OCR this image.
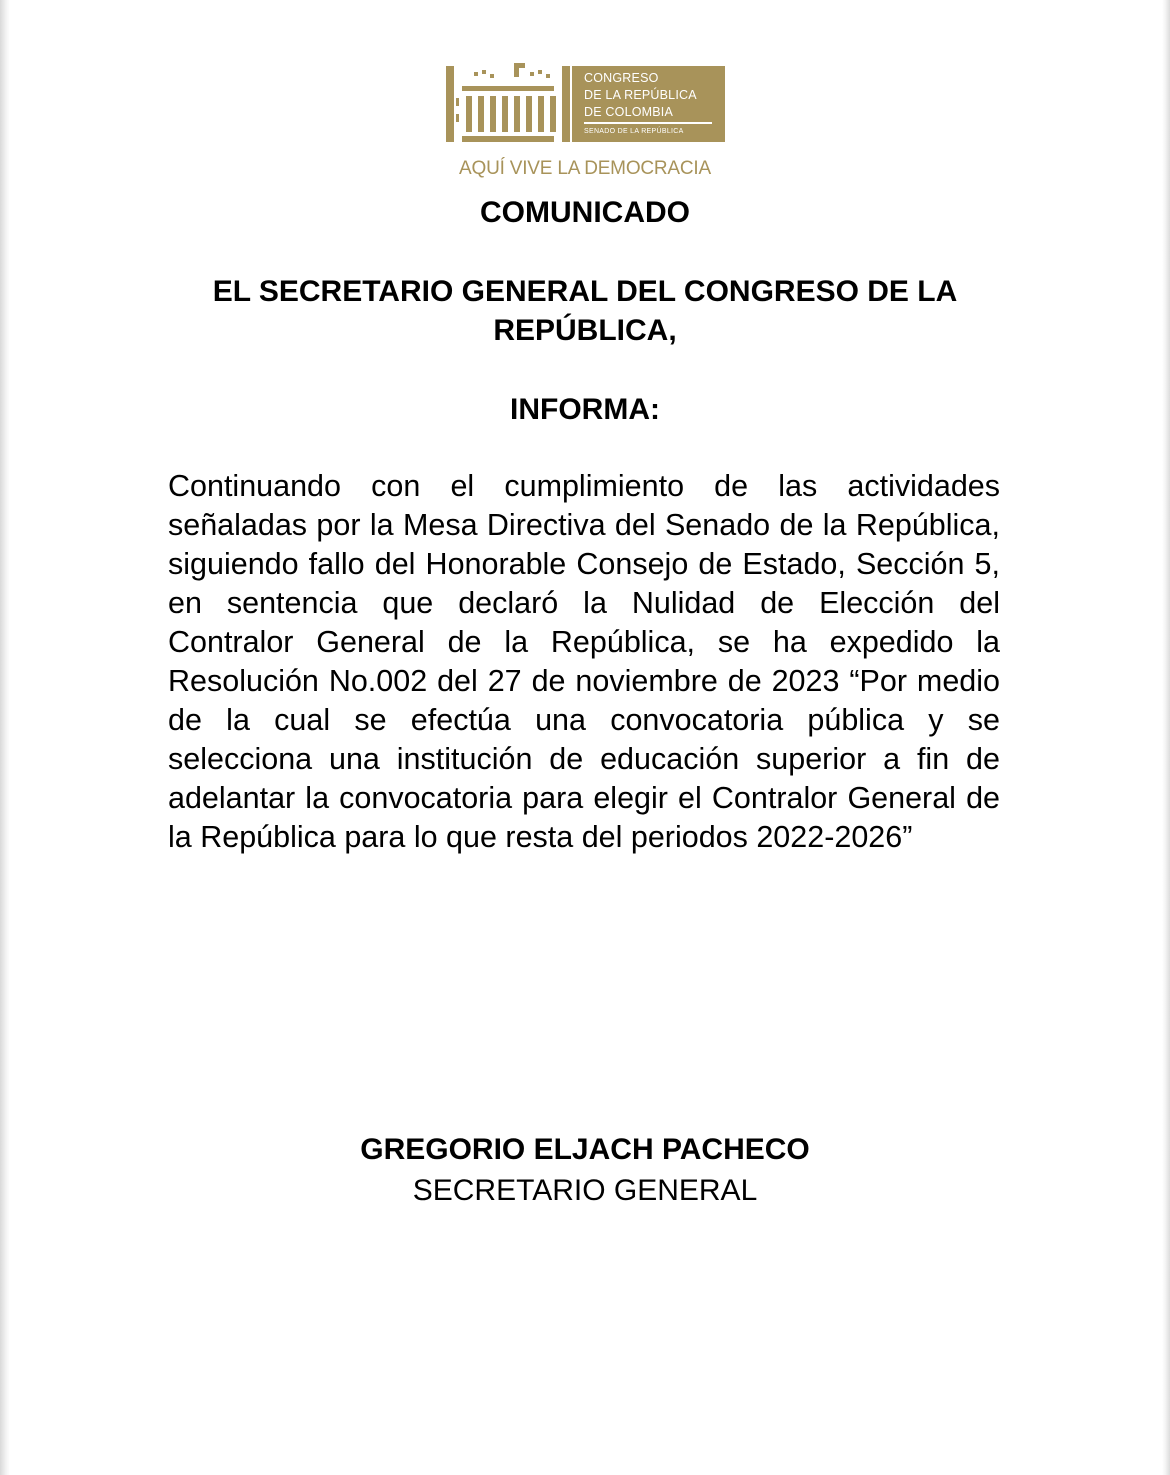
CONGRESO
DE LA REPÚBLICA
DE COLOMBIA
SENADO DE LA REPÚBLICA
AQUÍ VIVE LA DEMOCRACIA
COMUNICADO
EL SECRETARIO GENERAL DEL CONGRESO DE LA REPÚBLICA,
INFORMA:

Continuando con el cumplimiento de las actividades señaladas por la Mesa Directiva del Senado de la República, siguiendo fallo del Honorable Consejo de Estado, Sección 5, en sentencia que declaró la Nulidad de Elección del Contralor General de la República, se ha expedido la Resolución No.002 del 27 de noviembre de 2023 “Por medio de la cual se efectúa una convocatoria pública y se selecciona una institución de educación superior a fin de adelantar la convocatoria para elegir el Contralor General de la República para lo que resta del periodos 2022-2026”

GREGORIO ELJACH PACHECO

SECRETARIO GENERAL
